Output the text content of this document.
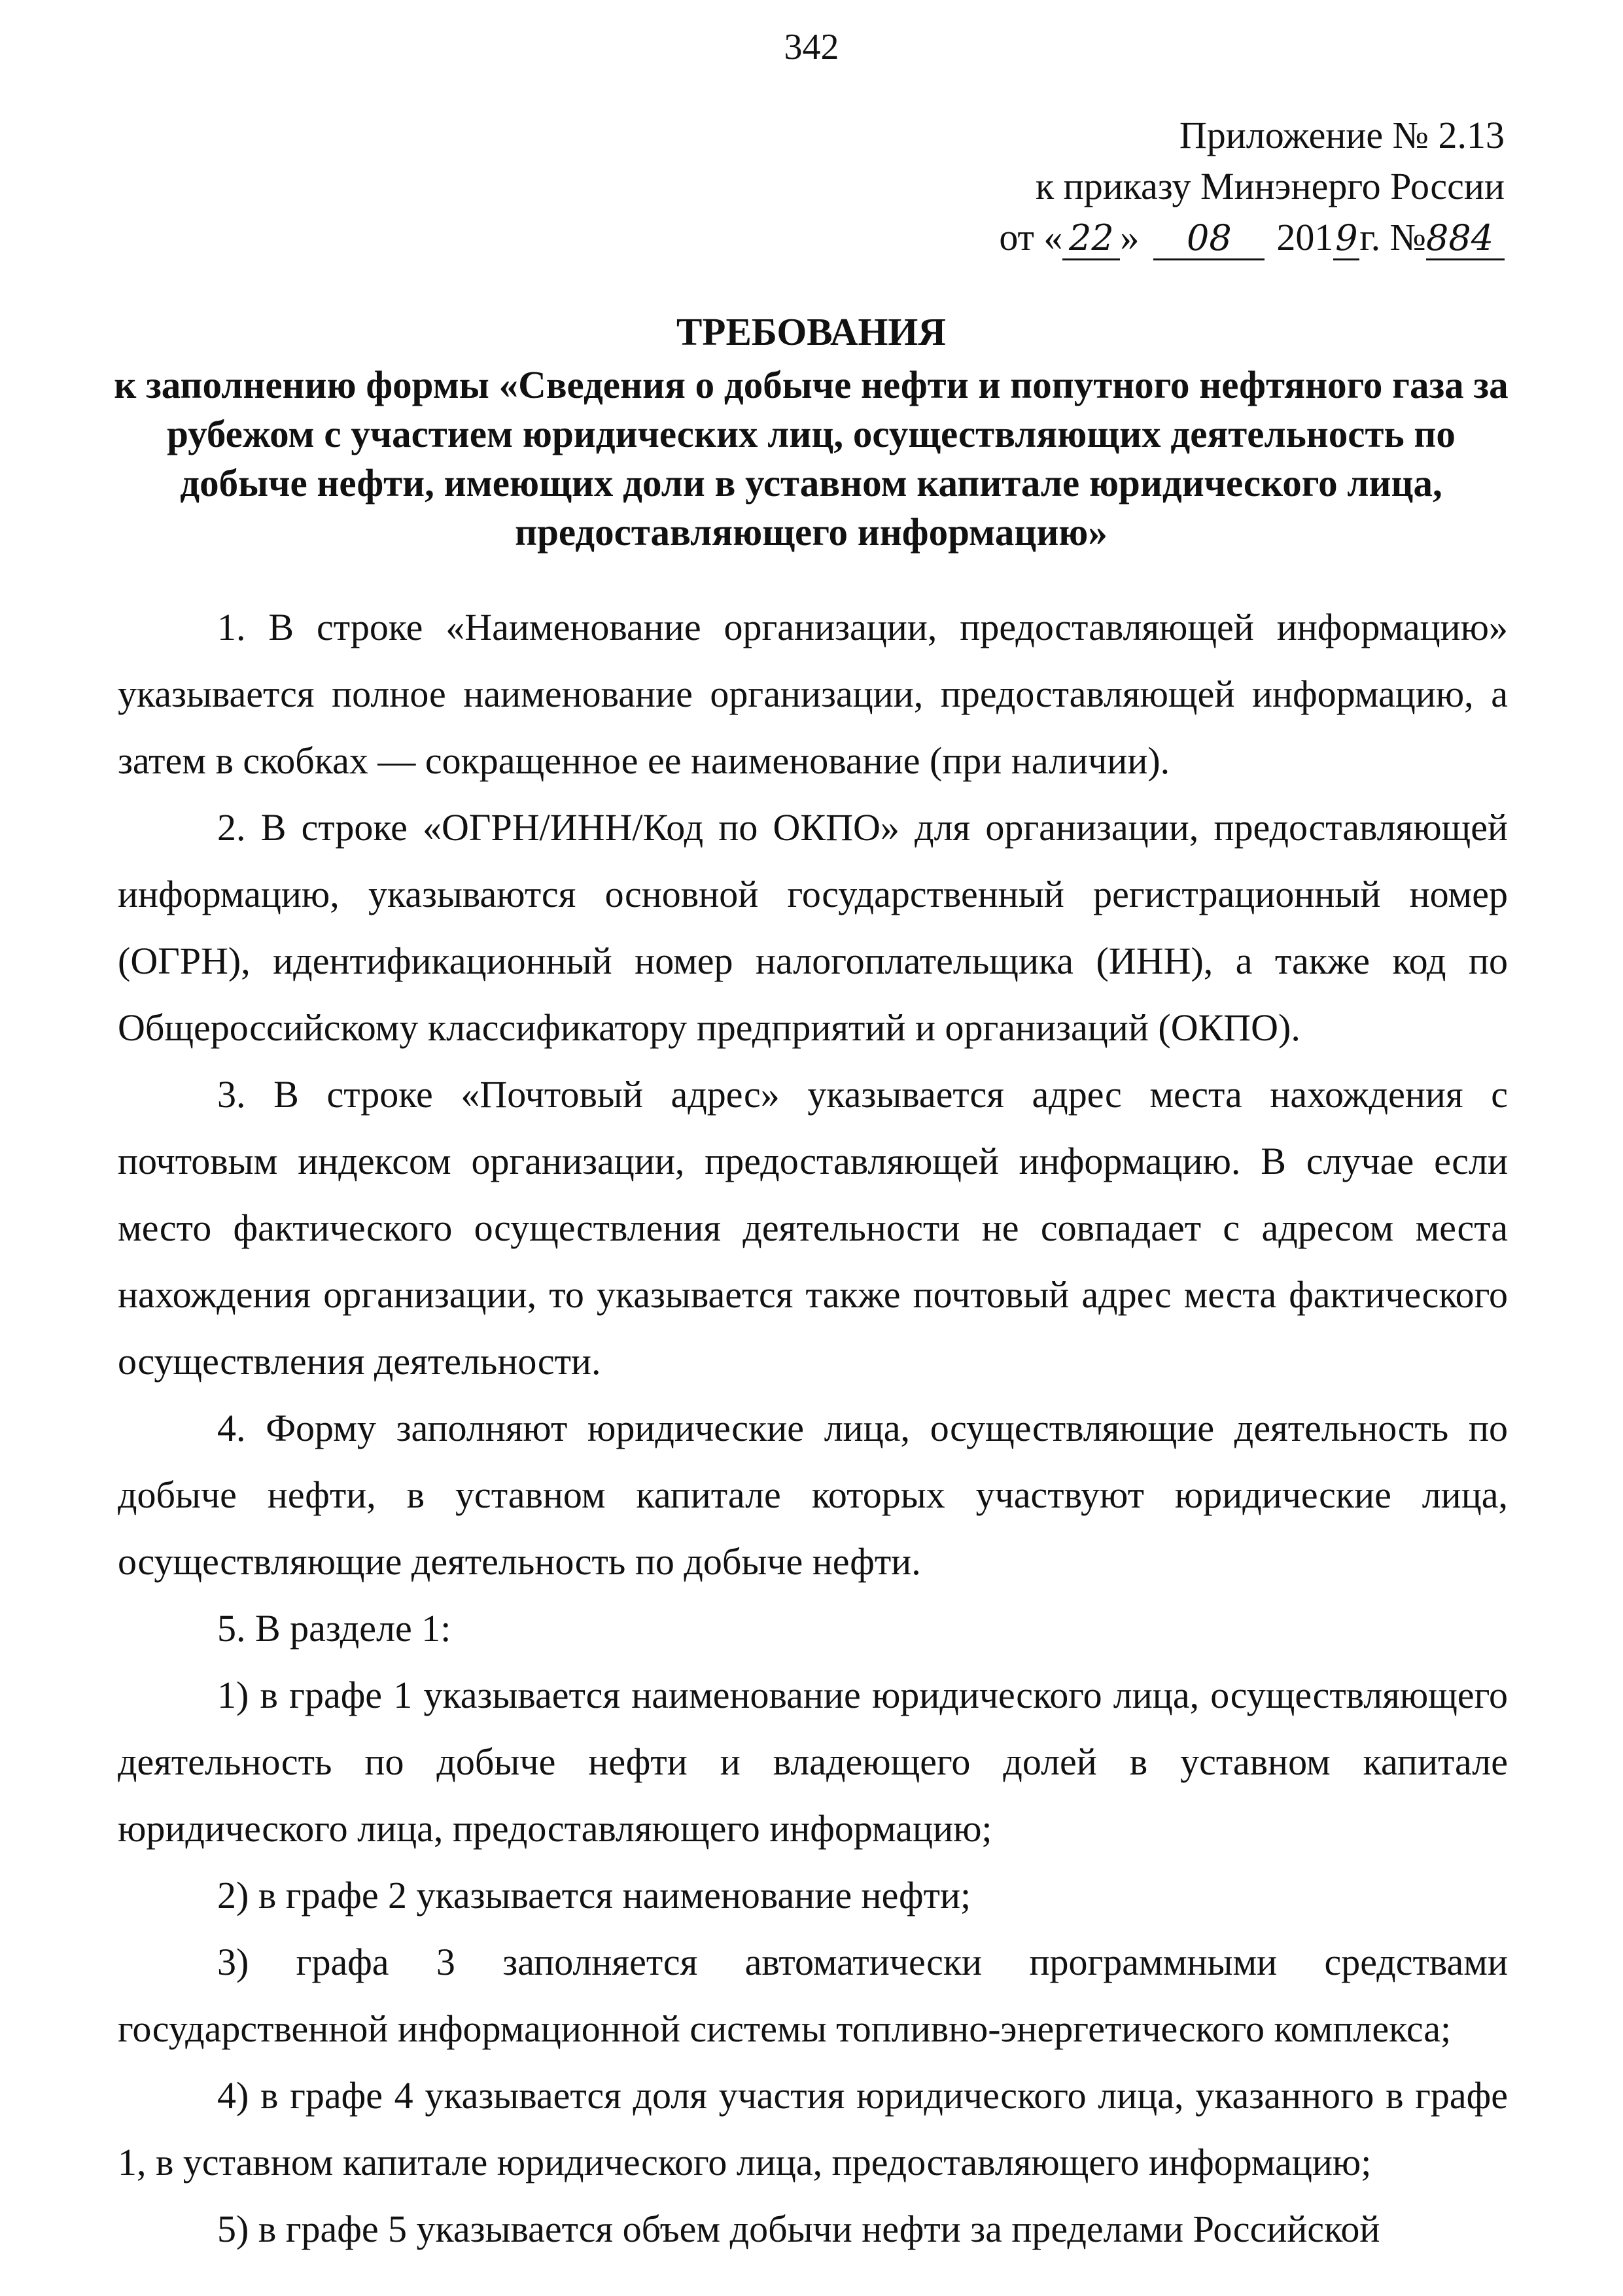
342
Приложение № 2.13
к приказу Минэнерго России
от « 22 » 08 2019г. №884
ТРЕБОВАНИЯ
к заполнению формы «Сведения о добыче нефти и попутного нефтяного газа за рубежом с участием юридических лиц, осуществляющих деятельность по добыче нефти, имеющих доли в уставном капитале юридического лица, предоставляющего информацию»

1. В строке «Наименование организации, предоставляющей информацию» указывается полное наименование организации, предоставляющей информацию, а затем в скобках — сокращенное ее наименование (при наличии).

2. В строке «ОГРН/ИНН/Код по ОКПО» для организации, предоставляющей информацию, указываются основной государственный регистрационный номер (ОГРН), идентификационный номер налогоплательщика (ИНН), а также код по Общероссийскому классификатору предприятий и организаций (ОКПО).

3. В строке «Почтовый адрес» указывается адрес места нахождения с почтовым индексом организации, предоставляющей информацию. В случае если место фактического осуществления деятельности не совпадает с адресом места нахождения организации, то указывается также почтовый адрес места фактического осуществления деятельности.

4. Форму заполняют юридические лица, осуществляющие деятельность по добыче нефти, в уставном капитале которых участвуют юридические лица, осуществляющие деятельность по добыче нефти.

5. В разделе 1:

1) в графе 1 указывается наименование юридического лица, осуществляющего деятельность по добыче нефти и владеющего долей в уставном капитале юридического лица, предоставляющего информацию;

2) в графе 2 указывается наименование нефти;

3) графа 3 заполняется автоматически программными средствами государственной информационной системы топливно-энергетического комплекса;

4) в графе 4 указывается доля участия юридического лица, указанного в графе 1, в уставном капитале юридического лица, предоставляющего информацию;

5) в графе 5 указывается объем добычи нефти за пределами Российской
